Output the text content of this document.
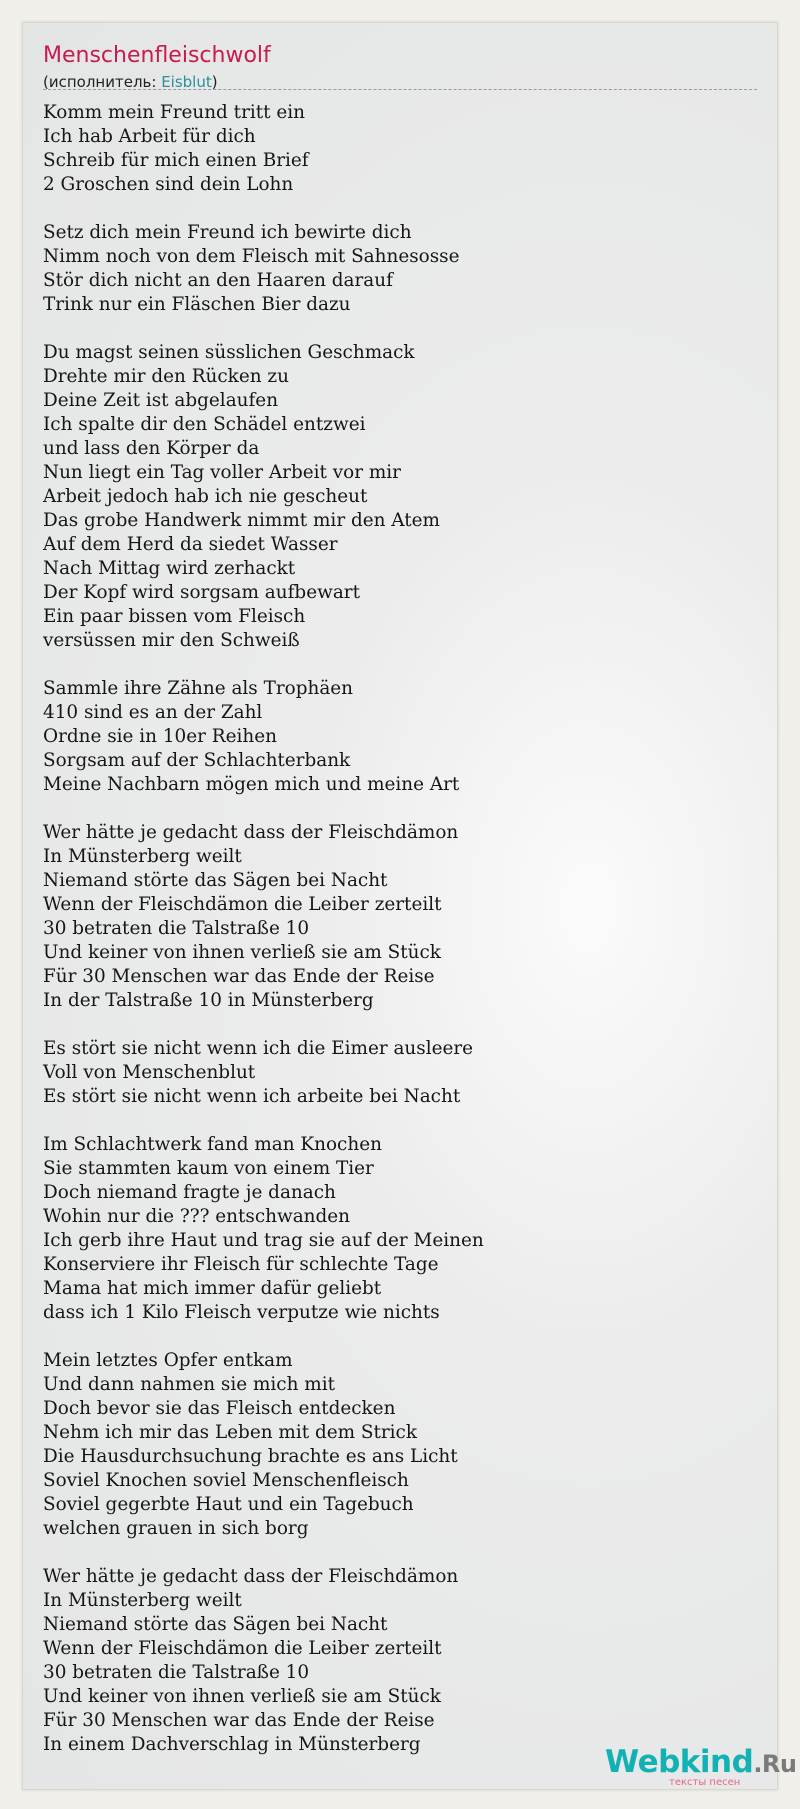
Menschenfleischwolf
(исполнитель: Eisblut)
Komm mein Freund tritt ein
Ich hab Arbeit für dich
Schreib für mich einen Brief
2 Groschen sind dein Lohn
Setz dich mein Freund ich bewirte dich
Nimm noch von dem Fleisch mit Sahnesosse
Stör dich nicht an den Haaren darauf
Trink nur ein Fläschen Bier dazu
Du magst seinen süsslichen Geschmack
Drehte mir den Rücken zu
Deine Zeit ist abgelaufen
Ich spalte dir den Schädel entzwei
und lass den Körper da
Nun liegt ein Tag voller Arbeit vor mir
Arbeit jedoch hab ich nie gescheut
Das grobe Handwerk nimmt mir den Atem
Auf dem Herd da siedet Wasser
Nach Mittag wird zerhackt
Der Kopf wird sorgsam aufbewart
Ein paar bissen vom Fleisch
versüssen mir den Schweiß
Sammle ihre Zähne als Trophäen
410 sind es an der Zahl
Ordne sie in 10er Reihen
Sorgsam auf der Schlachterbank
Meine Nachbarn mögen mich und meine Art
Wer hätte je gedacht dass der Fleischdämon
In Münsterberg weilt
Niemand störte das Sägen bei Nacht
Wenn der Fleischdämon die Leiber zerteilt
30 betraten die Talstraße 10
Und keiner von ihnen verließ sie am Stück
Für 30 Menschen war das Ende der Reise
In der Talstraße 10 in Münsterberg
Es stört sie nicht wenn ich die Eimer ausleere
Voll von Menschenblut
Es stört sie nicht wenn ich arbeite bei Nacht
Im Schlachtwerk fand man Knochen
Sie stammten kaum von einem Tier
Doch niemand fragte je danach
Wohin nur die ??? entschwanden
Ich gerb ihre Haut und trag sie auf der Meinen
Konserviere ihr Fleisch für schlechte Tage
Mama hat mich immer dafür geliebt
dass ich 1 Kilo Fleisch verputze wie nichts
Mein letztes Opfer entkam
Und dann nahmen sie mich mit
Doch bevor sie das Fleisch entdecken
Nehm ich mir das Leben mit dem Strick
Die Hausdurchsuchung brachte es ans Licht
Soviel Knochen soviel Menschenfleisch
Soviel gegerbte Haut und ein Tagebuch
welchen grauen in sich borg
Wer hätte je gedacht dass der Fleischdämon
In Münsterberg weilt
Niemand störte das Sägen bei Nacht
Wenn der Fleischdämon die Leiber zerteilt
30 betraten die Talstraße 10
Und keiner von ihnen verließ sie am Stück
Für 30 Menschen war das Ende der Reise
In einem Dachverschlag in Münsterberg	Webkind.Ru
тексты песен
